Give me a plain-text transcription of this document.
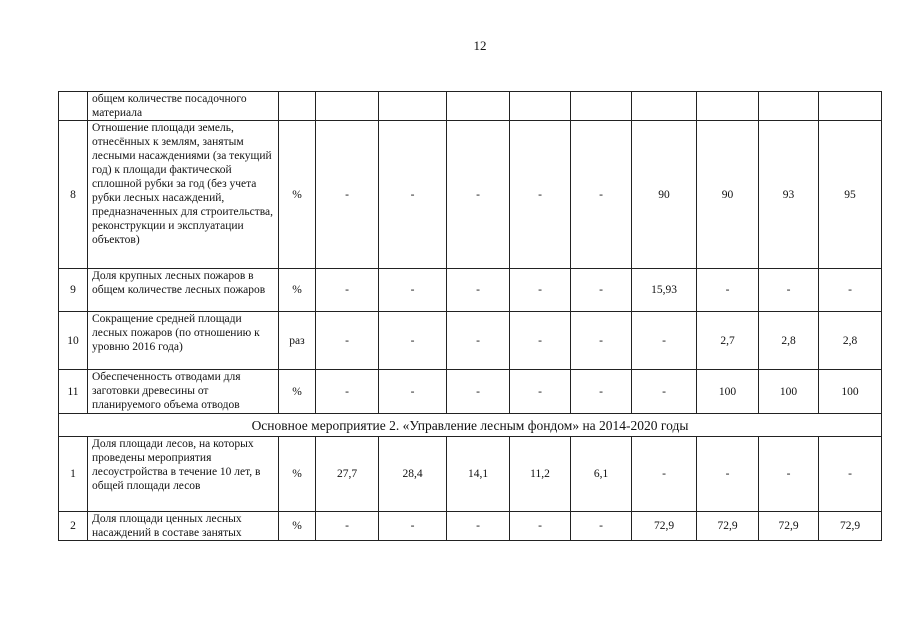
12
	общем количестве посадочного материала										
8	Отношение площади земель, отнесённых к землям, занятым лесными насаждениями (за текущий год) к площади фактической сплошной рубки за год (без учета рубки лесных насаждений, предназначенных для строительства, реконструкции и эксплуатации объектов)	%	-	-	-	-	-	90	90	93	95
9	Доля крупных лесных пожаров в общем количестве лесных пожаров	%	-	-	-	-	-	15,93	-	-	-
10	Сокращение средней площади лесных пожаров (по отношению к уровню 2016 года)	раз	-	-	-	-	-	-	2,7	2,8	2,8
11	Обеспеченность отводами для заготовки древесины от планируемого объема отводов	%	-	-	-	-	-	-	100	100	100
Основное мероприятие 2. «Управление лесным фондом» на 2014-2020 годы											
1	Доля площади лесов, на которых проведены мероприятия лесоустройства в течение 10 лет, в общей площади лесов	%	27,7	28,4	14,1	11,2	6,1	-	-	-	-
2	Доля площади ценных лесных насаждений в составе занятых	%	-	-	-	-	-	72,9	72,9	72,9	72,9
